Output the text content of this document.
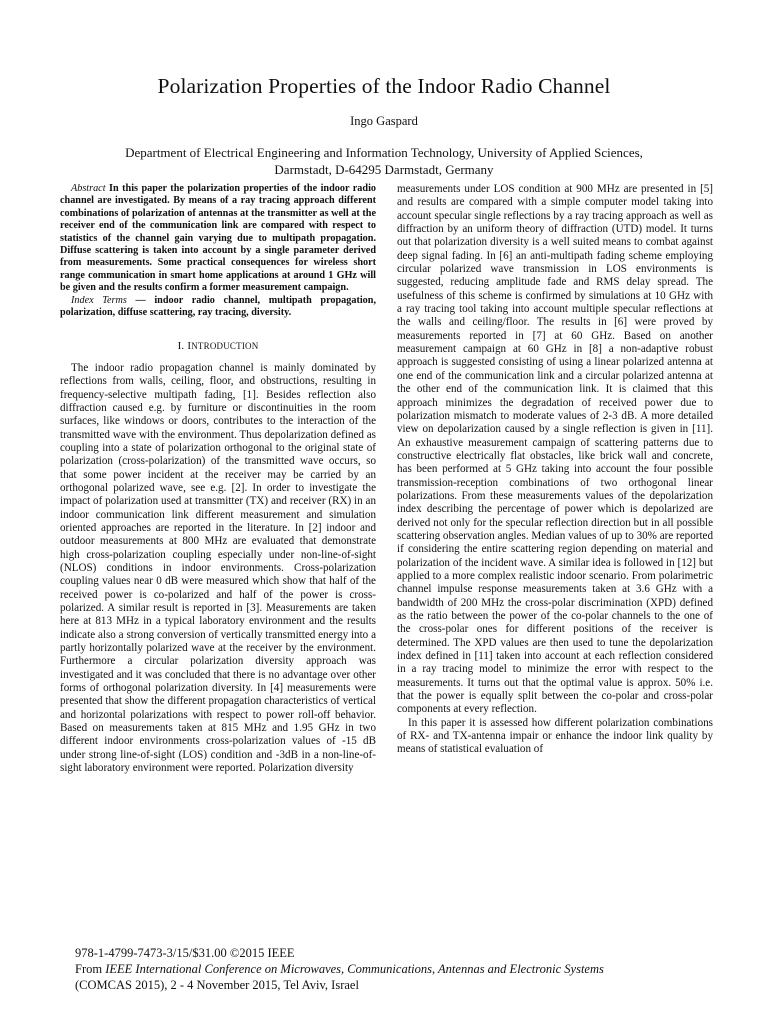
Polarization Properties of the Indoor Radio Channel
Ingo Gaspard
Department of Electrical Engineering and Information Technology, University of Applied Sciences,
Darmstadt, D-64295 Darmstadt, Germany

Abstract In this paper the polarization properties of the indoor radio channel are investigated. By means of a ray tracing approach different combinations of polarization of antennas at the transmitter as well at the receiver end of the communication link are compared with respect to statistics of the channel gain varying due to multipath propagation. Diffuse scattering is taken into account by a single parameter derived from measurements. Some practical consequences for wireless short range communication in smart home applications at around 1 GHz will be given and the results confirm a former measurement campaign.

Index Terms — indoor radio channel, multipath propagation, polarization, diffuse scattering, ray tracing, diversity.

I. INTRODUCTION

The indoor radio propagation channel is mainly dominated by reflections from walls, ceiling, floor, and obstructions, resulting in frequency-selective multipath fading, [1]. Besides reflection also diffraction caused e.g. by furniture or discontinuities in the room surfaces, like windows or doors, contributes to the interaction of the transmitted wave with the environment. Thus depolarization defined as coupling into a state of polarization orthogonal to the original state of polarization (cross-polarization) of the transmitted wave occurs, so that some power incident at the receiver may be carried by an orthogonal polarized wave, see e.g. [2]. In order to investigate the impact of polarization used at transmitter (TX) and receiver (RX) in an indoor communication link different measurement and simulation oriented approaches are reported in the literature. In [2] indoor and outdoor measurements at 800 MHz are evaluated that demonstrate high cross-polarization coupling especially under non-line-of-sight (NLOS) conditions in indoor environments. Cross-polarization coupling values near 0 dB were measured which show that half of the received power is co-polarized and half of the power is cross-polarized. A similar result is reported in [3]. Measurements are taken here at 813 MHz in a typical laboratory environment and the results indicate also a strong conversion of vertically transmitted energy into a partly horizontally polarized wave at the receiver by the environment. Furthermore a circular polarization diversity approach was investigated and it was concluded that there is no advantage over other forms of orthogonal polarization diversity. In [4] measurements were presented that show the different propagation characteristics of vertical and horizontal polarizations with respect to power roll-off behavior. Based on measurements taken at 815 MHz and 1.95 GHz in two different indoor environments cross-polarization values of -15 dB under strong line-of-sight (LOS) condition and -3dB in a non-line-of-sight laboratory environment were reported. Polarization diversity

measurements under LOS condition at 900 MHz are presented in [5] and results are compared with a simple computer model taking into account specular single reflections by a ray tracing approach as well as diffraction by an uniform theory of diffraction (UTD) model. It turns out that polarization diversity is a well suited means to combat against deep signal fading. In [6] an anti-multipath fading scheme employing circular polarized wave transmission in LOS environments is suggested, reducing amplitude fade and RMS delay spread. The usefulness of this scheme is confirmed by simulations at 10 GHz with a ray tracing tool taking into account multiple specular reflections at the walls and ceiling/floor. The results in [6] were proved by measurements reported in [7] at 60 GHz. Based on another measurement campaign at 60 GHz in [8] a non-adaptive robust approach is suggested consisting of using a linear polarized antenna at one end of the communication link and a circular polarized antenna at the other end of the communication link. It is claimed that this approach minimizes the degradation of received power due to polarization mismatch to moderate values of 2-3 dB. A more detailed view on depolarization caused by a single reflection is given in [11]. An exhaustive measurement campaign of scattering patterns due to constructive electrically flat obstacles, like brick wall and concrete, has been performed at 5 GHz taking into account the four possible transmission-reception combinations of two orthogonal linear polarizations. From these measurements values of the depolarization index describing the percentage of power which is depolarized are derived not only for the specular reflection direction but in all possible scattering observation angles. Median values of up to 30% are reported if considering the entire scattering region depending on material and polarization of the incident wave. A similar idea is followed in [12] but applied to a more complex realistic indoor scenario. From polarimetric channel impulse response measurements taken at 3.6 GHz with a bandwidth of 200 MHz the cross-polar discrimination (XPD) defined as the ratio between the power of the co-polar channels to the one of the cross-polar ones for different positions of the receiver is determined. The XPD values are then used to tune the depolarization index defined in [11] taken into account at each reflection considered in a ray tracing model to minimize the error with respect to the measurements. It turns out that the optimal value is approx. 50% i.e. that the power is equally split between the co-polar and cross-polar components at every reflection.

In this paper it is assessed how different polarization combinations of RX- and TX-antenna impair or enhance the indoor link quality by means of statistical evaluation of

978-1-4799-7473-3/15/$31.00 ©2015 IEEE
From IEEE International Conference on Microwaves, Communications, Antennas and Electronic Systems
(COMCAS 2015), 2 - 4 November 2015, Tel Aviv, Israel
